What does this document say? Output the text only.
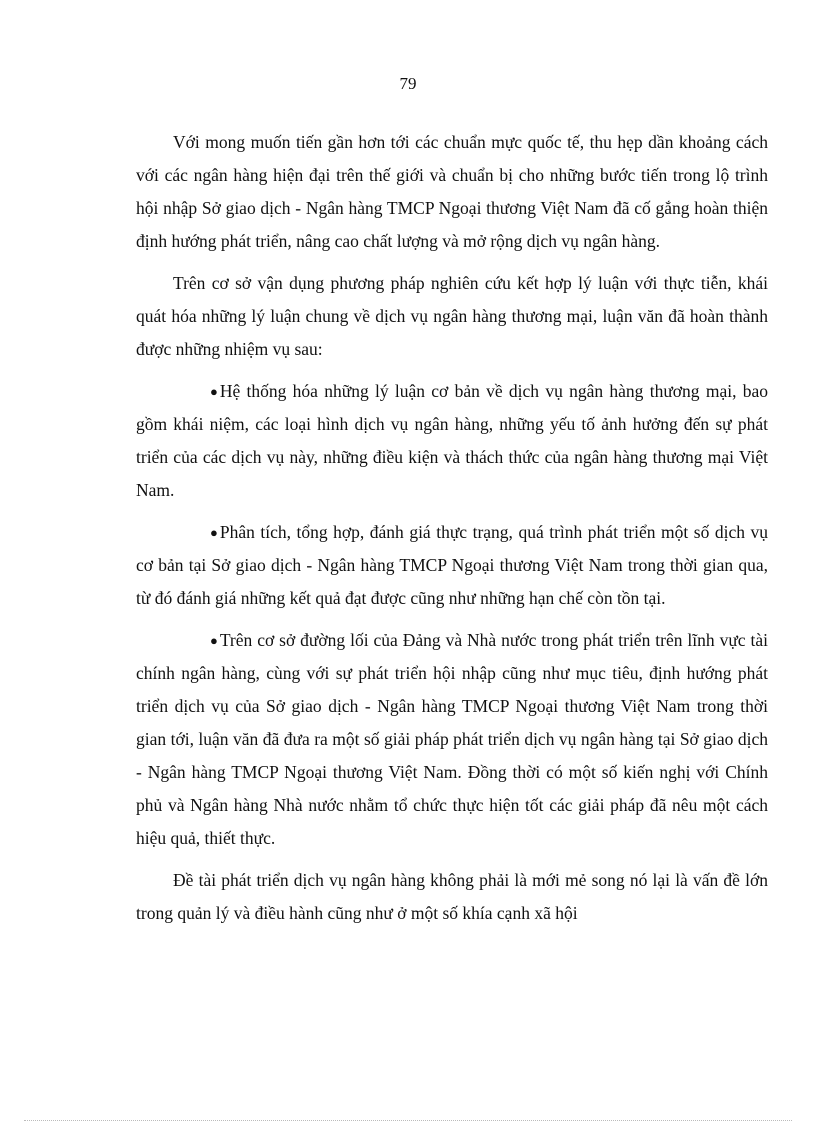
79

Với mong muốn tiến gần hơn tới các chuẩn mực quốc tế, thu hẹp dần khoảng cách với các ngân hàng hiện đại trên thế giới và chuẩn bị cho những bước tiến trong lộ trình hội nhập Sở giao dịch - Ngân hàng TMCP Ngoại thương Việt Nam đã cố gắng hoàn thiện định hướng phát triển, nâng cao chất lượng và mở rộng dịch vụ ngân hàng.

Trên cơ sở vận dụng phương pháp nghiên cứu kết hợp lý luận với thực tiễn, khái quát hóa những lý luận chung về dịch vụ ngân hàng thương mại, luận văn đã hoàn thành được những nhiệm vụ sau:

● Hệ thống hóa những lý luận cơ bản về dịch vụ ngân hàng thương mại, bao gồm khái niệm, các loại hình dịch vụ ngân hàng, những yếu tố ảnh hưởng đến sự phát triển của các dịch vụ này, những điều kiện và thách thức của ngân hàng thương mại Việt Nam.

● Phân tích, tổng hợp, đánh giá thực trạng, quá trình phát triển một số dịch vụ cơ bản tại Sở giao dịch - Ngân hàng TMCP Ngoại thương Việt Nam trong thời gian qua, từ đó đánh giá những kết quả đạt được cũng như những hạn chế còn tồn tại.

● Trên cơ sở đường lối của Đảng và Nhà nước trong phát triển trên lĩnh vực tài chính ngân hàng, cùng với sự phát triển hội nhập cũng như mục tiêu, định hướng phát triển dịch vụ của Sở giao dịch - Ngân hàng TMCP Ngoại thương Việt Nam trong thời gian tới, luận văn đã đưa ra một số giải pháp phát triển dịch vụ ngân hàng tại Sở giao dịch - Ngân hàng TMCP Ngoại thương Việt Nam. Đồng thời có một số kiến nghị với Chính phủ và Ngân hàng Nhà nước nhằm tổ chức thực hiện tốt các giải pháp đã nêu một cách hiệu quả, thiết thực.

Đề tài phát triển dịch vụ ngân hàng không phải là mới mẻ song nó lại là vấn đề lớn trong quản lý và điều hành cũng như ở một số khía cạnh xã hội
